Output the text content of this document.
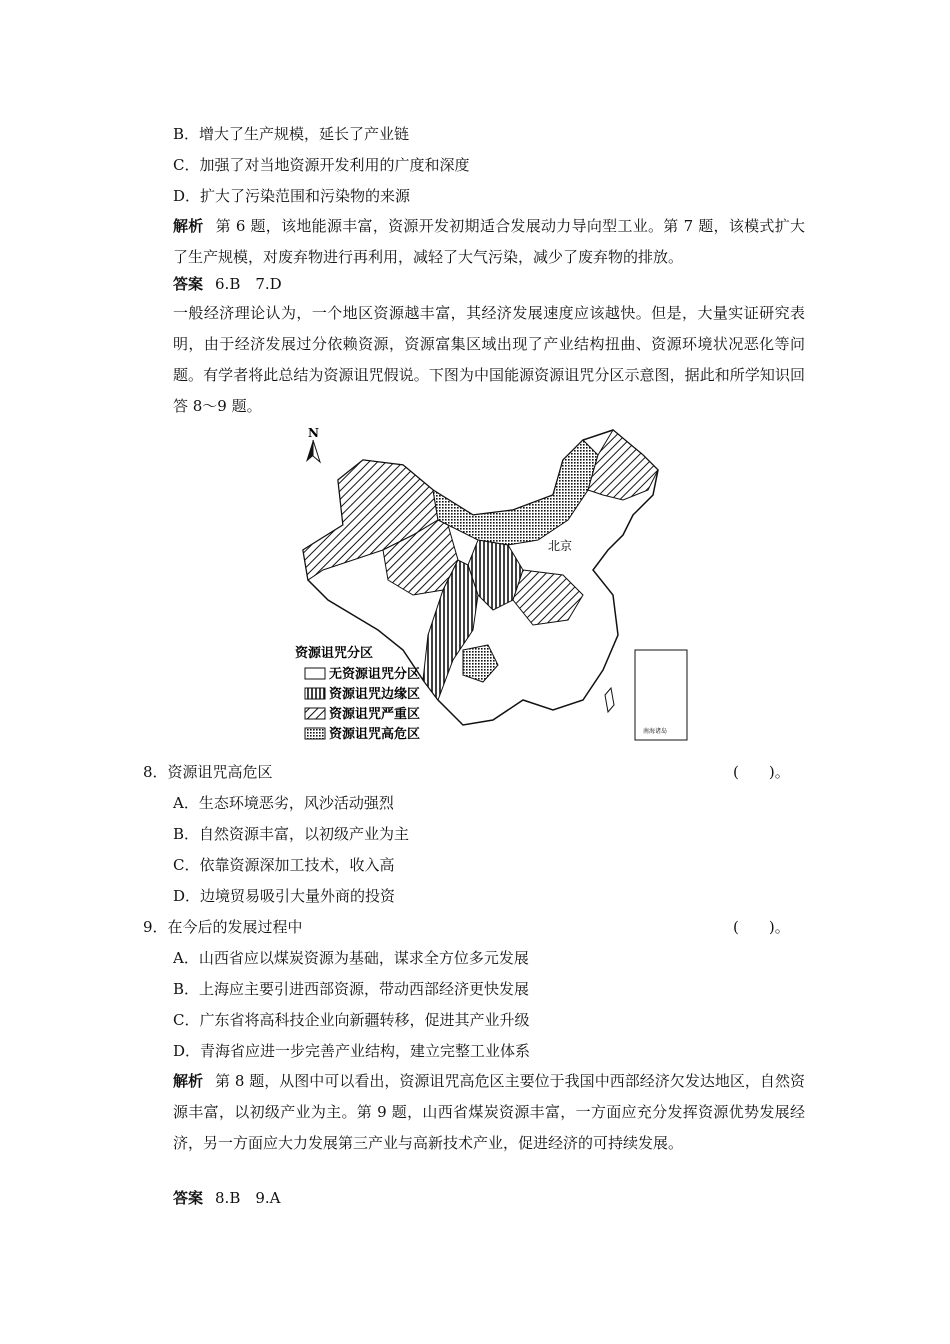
B．增大了生产规模，延长了产业链
C．加强了对当地资源开发利用的广度和深度
D．扩大了污染范围和污染物的来源
解析 第 6 题，该地能源丰富，资源开发初期适合发展动力导向型工业。第 7 题，该模式扩大了生产规模，对废弃物进行再利用，减轻了大气污染，减少了废弃物的排放。
答案 6.B　7.D
一般经济理论认为，一个地区资源越丰富，其经济发展速度应该越快。但是，大量实证研究表明，由于经济发展过分依赖资源，资源富集区域出现了产业结构扭曲、资源环境状况恶化等问题。有学者将此总结为资源诅咒假说。下图为中国能源资源诅咒分区示意图，据此和所学知识回答 8～9 题。
N
北京
南海诸岛
资源诅咒分区
无资源诅咒分区
资源诅咒边缘区
资源诅咒严重区
资源诅咒高危区
8．资源诅咒高危区	(　　)。
A．生态环境恶劣，风沙活动强烈
B．自然资源丰富，以初级产业为主
C．依靠资源深加工技术，收入高
D．边境贸易吸引大量外商的投资
9．在今后的发展过程中	(　　)。
A．山西省应以煤炭资源为基础，谋求全方位多元发展
B．上海应主要引进西部资源，带动西部经济更快发展
C．广东省将高科技企业向新疆转移，促进其产业升级
D．青海省应进一步完善产业结构，建立完整工业体系
解析 第 8 题，从图中可以看出，资源诅咒高危区主要位于我国中西部经济欠发达地区，自然资源丰富，以初级产业为主。第 9 题，山西省煤炭资源丰富，一方面应充分发挥资源优势发展经济，另一方面应大力发展第三产业与高新技术产业，促进经济的可持续发展。
答案 8.B　9.A
